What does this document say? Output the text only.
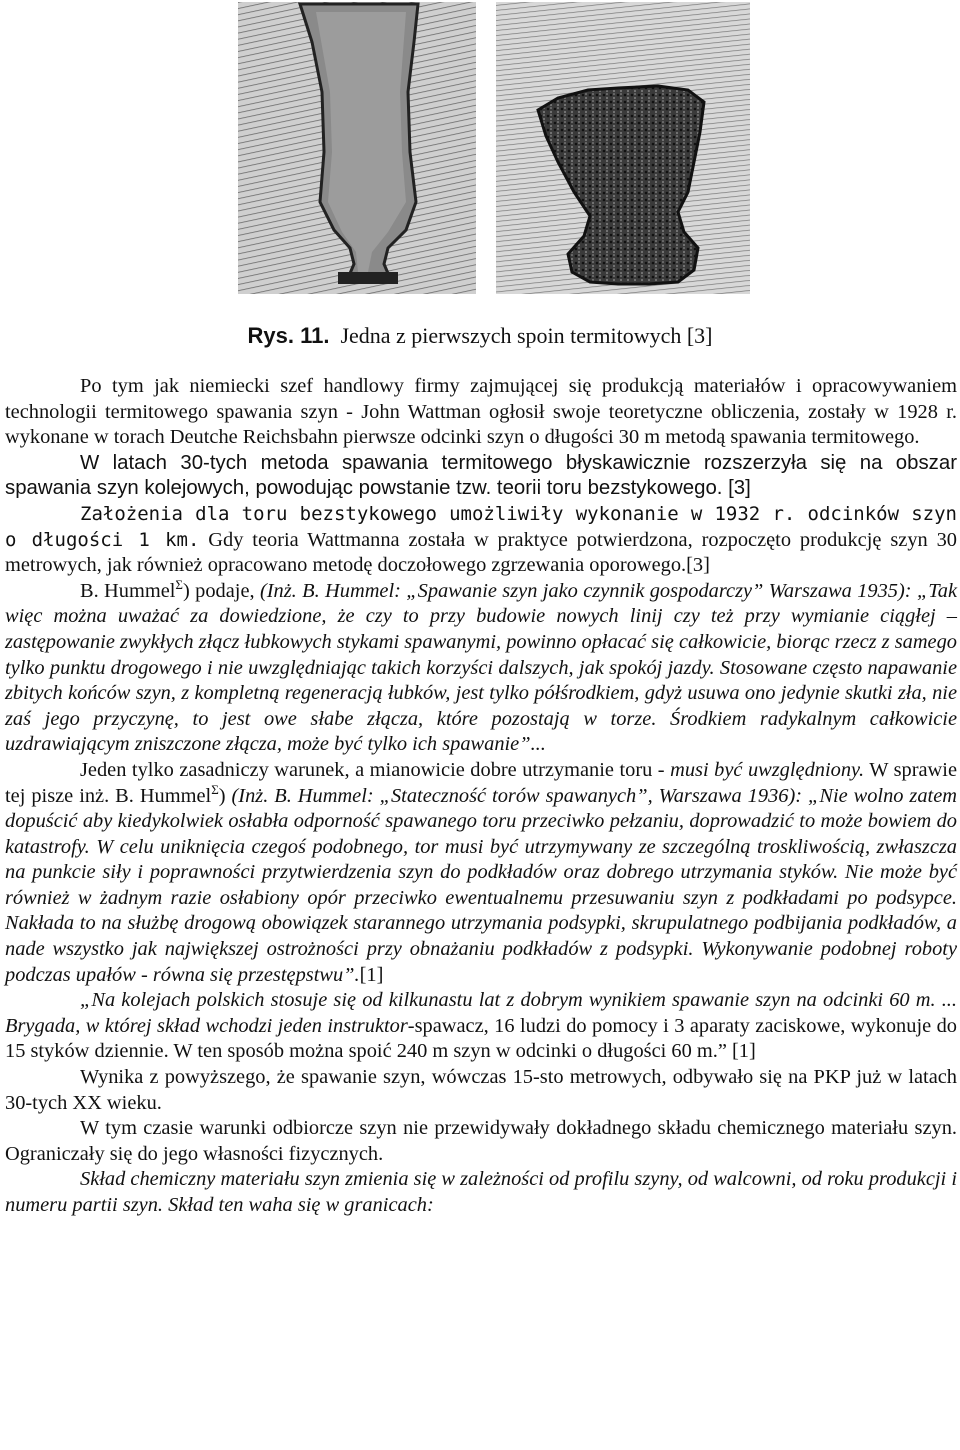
Rys. 11. Jedna z pierwszych spoin termitowych [3]

Po tym jak niemiecki szef handlowy firmy zajmującej się produkcją materiałów i opracowywaniem technologii termitowego spawania szyn - John Wattman ogłosił swoje teoretyczne obliczenia, zostały w 1928 r. wykonane w torach Deutche Reichsbahn pierwsze odcinki szyn o długości 30 m metodą spawania termitowego.

W latach 30-tych metoda spawania termitowego błyskawicznie rozszerzyła się na obszar spawania szyn kolejowych, powodując powstanie tzw. teorii toru bezstykowego. [3]

Założenia dla toru bezstykowego umożliwiły wykonanie w 1932 r. odcinków szyn o długości 1 km. Gdy teoria Wattmanna została w praktyce potwierdzona, rozpoczęto produkcję szyn 30 metrowych, jak również opracowano metodę doczołowego zgrzewania oporowego.[3]

B. Hummel$^\Sigma$) podaje, (Inż. B. Hummel: „Spawanie szyn jako czynnik gospodarczy” Warszawa 1935): „Tak więc można uważać za dowiedzione, że czy to przy budowie nowych linij czy też przy wymianie ciągłej – zastępowanie zwykłych złącz łubkowych stykami spawanymi, powinno opłacać się całkowicie, biorąc rzecz z samego tylko punktu drogowego i nie uwzględniając takich korzyści dalszych, jak spokój jazdy. Stosowane często napawanie zbitych końców szyn, z kompletną regeneracją łubków, jest tylko półśrodkiem, gdyż usuwa ono jedynie skutki zła, nie zaś jego przyczynę, to jest owe słabe złącza, które pozostają w torze. Środkiem radykalnym całkowicie uzdrawiającym zniszczone złącza, może być tylko ich spawanie”...

Jeden tylko zasadniczy warunek, a mianowicie dobre utrzymanie toru - musi być uwzględniony. W sprawie tej pisze inż. B. Hummel$^\Sigma$) (Inż. B. Hummel: „Stateczność torów spawanych”, Warszawa 1936): „Nie wolno zatem dopuścić aby kiedykolwiek osłabła odporność spawanego toru przeciwko pełzaniu, doprowadzić to może bowiem do katastrofy. W celu uniknięcia czegoś podobnego, tor musi być utrzymywany ze szczególną troskliwością, zwłaszcza na punkcie siły i poprawności przytwierdzenia szyn do podkładów oraz dobrego utrzymania styków. Nie może być również w żadnym razie osłabiony opór przeciwko ewentualnemu przesuwaniu szyn z podkładami po podsypce. Nakłada to na służbę drogową obowiązek starannego utrzymania podsypki, skrupulatnego podbijania podkładów, a nade wszystko jak największej ostrożności przy obnażaniu podkładów z podsypki. Wykonywanie podobnej roboty podczas upałów - równa się przestępstwu”.[1]

„Na kolejach polskich stosuje się od kilkunastu lat z dobrym wynikiem spawanie szyn na odcinki 60 m. ... Brygada, w której skład wchodzi jeden instruktor-spawacz, 16 ludzi do pomocy i 3 aparaty zaciskowe, wykonuje do 15 styków dziennie. W ten sposób można spoić 240 m szyn w odcinki o długości 60 m.” [1]

Wynika z powyższego, że spawanie szyn, wówczas 15-sto metrowych, odbywało się na PKP już w latach 30-tych XX wieku.

W tym czasie warunki odbiorcze szyn nie przewidywały dokładnego składu chemicznego materiału szyn. Ograniczały się do jego własności fizycznych.

Skład chemiczny materiału szyn zmienia się w zależności od profilu szyny, od walcowni, od roku produkcji i numeru partii szyn. Skład ten waha się w granicach:
